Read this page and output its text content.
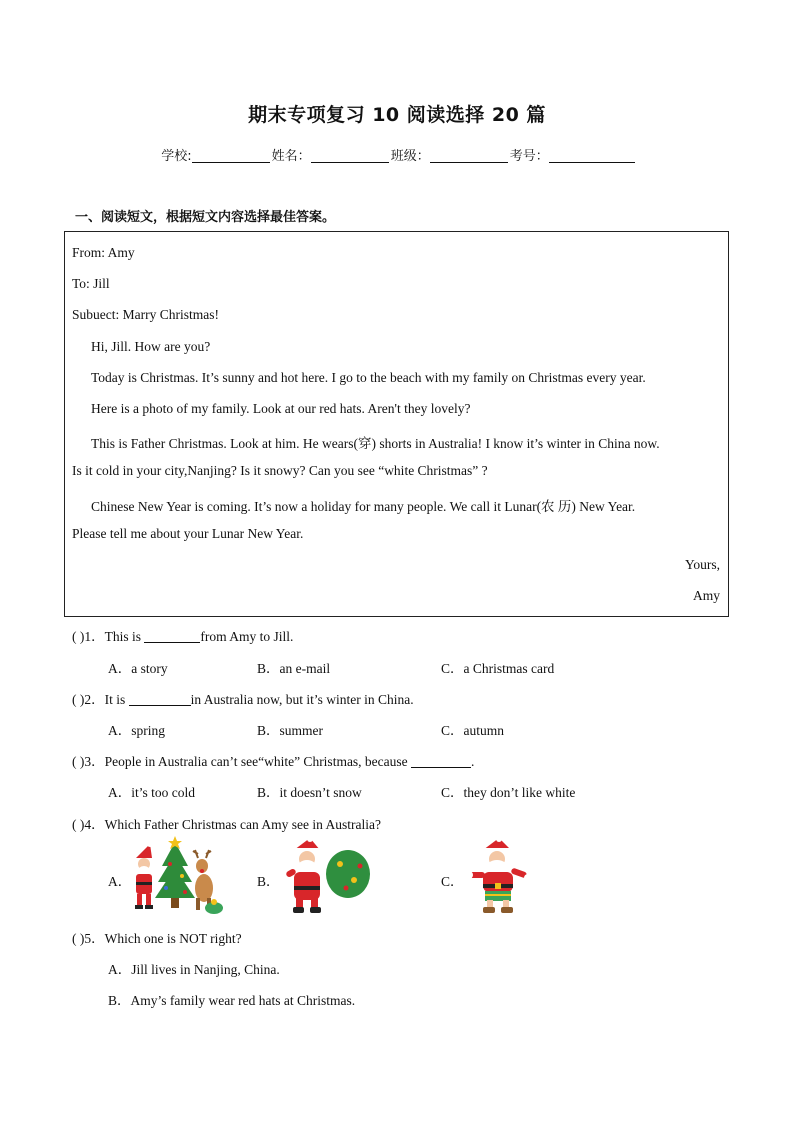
期末专项复习 10 阅读选择 20 篇
学校:	姓名：	班级：	考号：
一、阅读短文，根据短文内容选择最佳答案。
From: Amy
To: Jill
Subuect: Marry Christmas!
Hi, Jill. How are you?
Today is Christmas. It’s sunny and hot here. I go to the beach with my family on Christmas every year.
Here is a photo of my family. Look at our red hats. Aren't they lovely?
This is Father Christmas. Look at him. He wears(穿) shorts in Australia! I know it’s winter in China now.
Is it cold in your city,Nanjing? Is it snowy? Can you see “white Christmas” ?
Chinese New Year is coming. It’s now a holiday for many people. We call it Lunar(农 历) New Year.
Please tell me about your Lunar New Year.
Yours,
Amy
( )1．This is	from Amy to Jill.
A．a story	B．an e-mail	C．a Christmas card
( )2．It is	in Australia now, but it’s winter in China.
A．spring	B．summer	C．autumn
( )3．People in Australia can’t see“white” Christmas, because	.
A．it’s too cold	B．it doesn’t snow	C．they don’t like white
( )4．Which Father Christmas can Amy see in Australia?
A．	B．	C．
( )5．Which one is NOT right?
A．Jill lives in Nanjing, China.
B．Amy’s family wear red hats at Christmas.
